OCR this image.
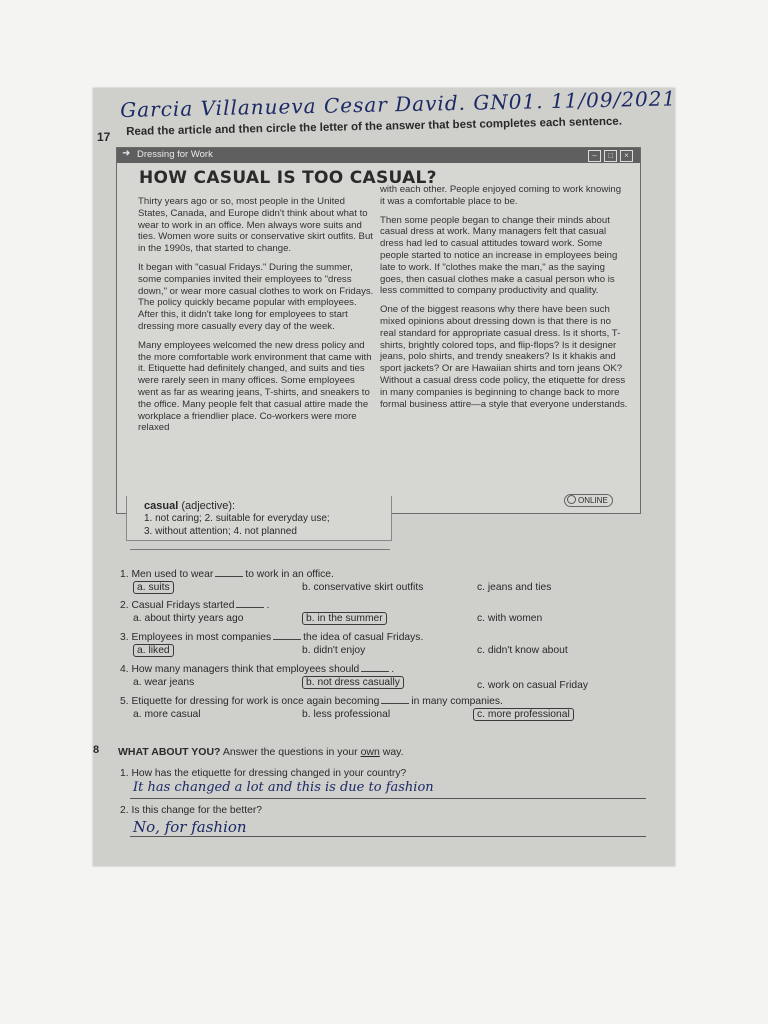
Garcia Villanueva Cesar David. GN01. 11/09/2021
17 Read the article and then circle the letter of the answer that best completes each sentence.
➜ Dressing for Work	–	□	×
HOW CASUAL IS TOO CASUAL?

Thirty years ago or so, most people in the United States, Canada, and Europe didn't think about what to wear to work in an office. Men always wore suits and ties. Women wore suits or conservative skirt outfits. But in the 1990s, that started to change.

It began with "casual Fridays." During the summer, some companies invited their employees to "dress down," or wear more casual clothes to work on Fridays. The policy quickly became popular with employees. After this, it didn't take long for employees to start dressing more casually every day of the week.

Many employees welcomed the new dress policy and the more comfortable work environment that came with it. Etiquette had definitely changed, and suits and ties were rarely seen in many offices. Some employees went as far as wearing jeans, T-shirts, and sneakers to the office. Many people felt that casual attire made the workplace a friendlier place. Co-workers were more relaxed

with each other. People enjoyed coming to work knowing it was a comfortable place to be.

Then some people began to change their minds about casual dress at work. Many managers felt that casual dress had led to casual attitudes toward work. Some people started to notice an increase in employees being late to work. If "clothes make the man," as the saying goes, then casual clothes make a casual person who is less committed to company productivity and quality.

One of the biggest reasons why there have been such mixed opinions about dressing down is that there is no real standard for appropriate casual dress. Is it shorts, T-shirts, brightly colored tops, and flip-flops? Is it designer jeans, polo shirts, and trendy sneakers? Is it khakis and sport jackets? Or are Hawaiian shirts and torn jeans OK? Without a casual dress code policy, the etiquette for dress in many companies is beginning to change back to more formal business attire—a style that everyone understands.

ONLINE
casual (adjective):
1. not caring; 2. suitable for everyday use;
3. without attention; 4. not planned
1. Men used to wear	to work in an office.
a. suits	b. conservative skirt outfits	c. jeans and ties
2. Casual Fridays started	.
a. about thirty years ago	b. in the summer	c. with women
3. Employees in most companies	the idea of casual Fridays.
a. liked	b. didn't enjoy	c. didn't know about
4. How many managers think that employees should	.
a. wear jeans	b. not dress casually	c. work on casual Friday
5. Etiquette for dressing for work is once again becoming	in many companies.
a. more casual	b. less professional	c. more professional
8 WHAT ABOUT YOU? Answer the questions in your own way.
1. How has the etiquette for dressing changed in your country?
It has changed a lot and this is due to fashion
2. Is this change for the better?
No, for fashion
